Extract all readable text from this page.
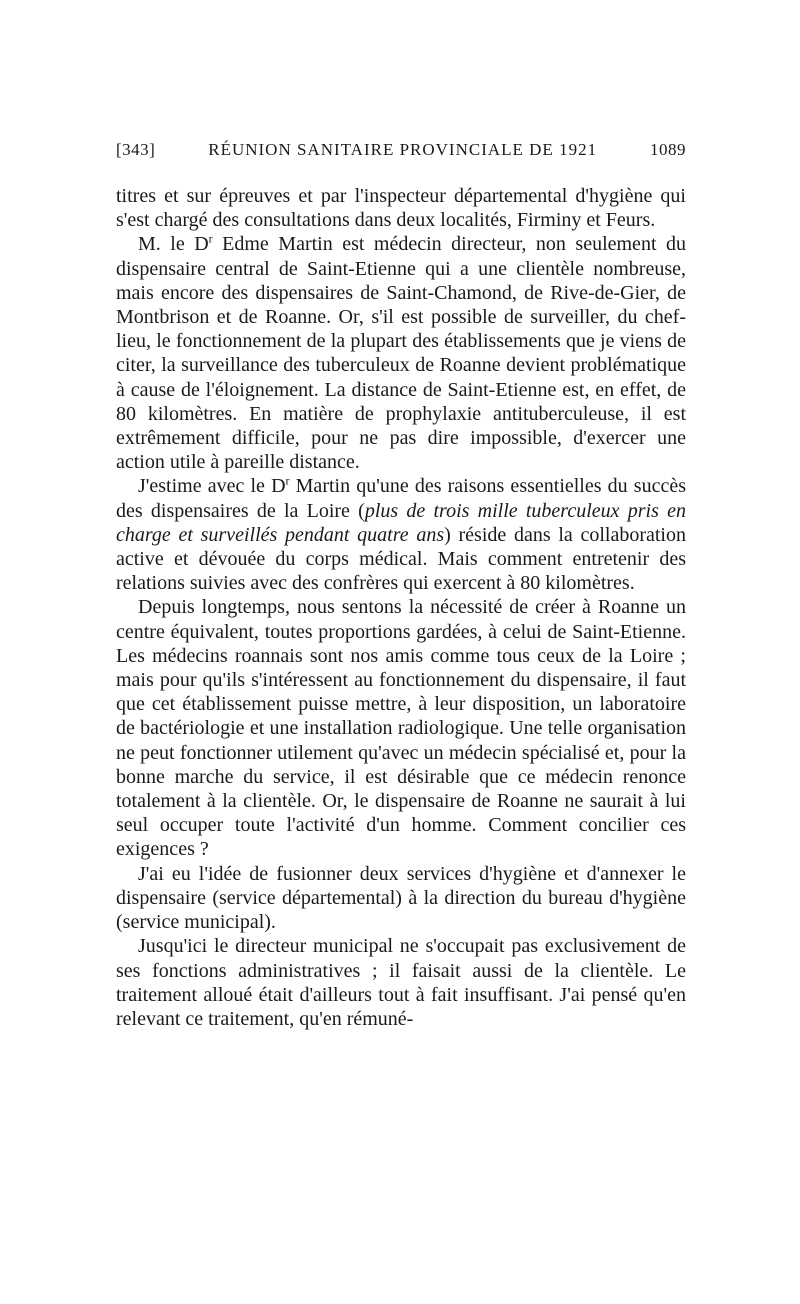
[343]	RÉUNION SANITAIRE PROVINCIALE DE 1921	1089

titres et sur épreuves et par l'inspecteur départemental d'hygiène qui s'est chargé des consultations dans deux localités, Firminy et Feurs.

M. le $D^r$ Edme Martin est médecin directeur, non seulement du dispensaire central de Saint-Etienne qui a une clientèle nombreuse, mais encore des dispensaires de Saint-Chamond, de Rive-de-Gier, de Montbrison et de Roanne. Or, s'il est possible de surveiller, du chef-lieu, le fonctionnement de la plupart des établissements que je viens de citer, la surveillance des tuberculeux de Roanne devient problématique à cause de l'éloignement. La distance de Saint-Etienne est, en effet, de 80 kilomètres. En matière de prophylaxie antituberculeuse, il est extrêmement difficile, pour ne pas dire impossible, d'exercer une action utile à pareille distance.

J'estime avec le $D^r$ Martin qu'une des raisons essentielles du succès des dispensaires de la Loire (plus de trois mille tuberculeux pris en charge et surveillés pendant quatre ans) réside dans la collaboration active et dévouée du corps médical. Mais comment entretenir des relations suivies avec des confrères qui exercent à 80 kilomètres.

Depuis longtemps, nous sentons la nécessité de créer à Roanne un centre équivalent, toutes proportions gardées, à celui de Saint-Etienne. Les médecins roannais sont nos amis comme tous ceux de la Loire ; mais pour qu'ils s'intéressent au fonctionnement du dispensaire, il faut que cet établissement puisse mettre, à leur disposition, un laboratoire de bactériologie et une installation radiologique. Une telle organisation ne peut fonctionner utilement qu'avec un médecin spécialisé et, pour la bonne marche du service, il est désirable que ce médecin renonce totalement à la clientèle. Or, le dispensaire de Roanne ne saurait à lui seul occuper toute l'activité d'un homme. Comment concilier ces exigences ?

J'ai eu l'idée de fusionner deux services d'hygiène et d'annexer le dispensaire (service départemental) à la direction du bureau d'hygiène (service municipal).

Jusqu'ici le directeur municipal ne s'occupait pas exclusivement de ses fonctions administratives ; il faisait aussi de la clientèle. Le traitement alloué était d'ailleurs tout à fait insuffisant. J'ai pensé qu'en relevant ce traitement, qu'en rémuné-
